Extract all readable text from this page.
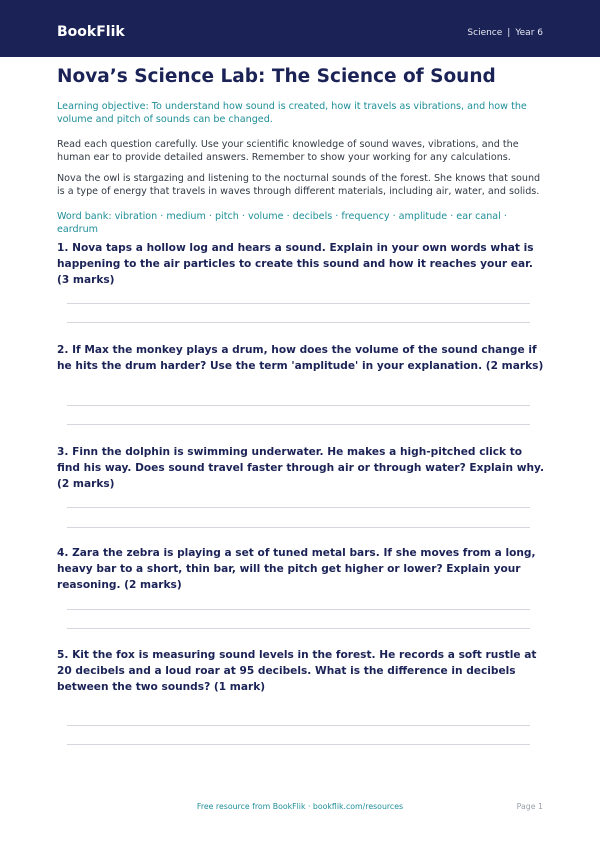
BookFlik	Science | Year 6
Nova’s Science Lab: The Science of Sound
Learning objective: To understand how sound is created, how it travels as vibrations, and how the volume and pitch of sounds can be changed.
Read each question carefully. Use your scientific knowledge of sound waves, vibrations, and the human ear to provide detailed answers. Remember to show your working for any calculations.
Nova the owl is stargazing and listening to the nocturnal sounds of the forest. She knows that sound is a type of energy that travels in waves through different materials, including air, water, and solids.
Word bank: vibration · medium · pitch · volume · decibels · frequency · amplitude · ear canal · eardrum
1. Nova taps a hollow log and hears a sound. Explain in your own words what is happening to the air particles to create this sound and how it reaches your ear. (3 marks)
2. If Max the monkey plays a drum, how does the volume of the sound change if he hits the drum harder? Use the term 'amplitude' in your explanation. (2 marks)
3. Finn the dolphin is swimming underwater. He makes a high-pitched click to find his way. Does sound travel faster through air or through water? Explain why. (2 marks)
4. Zara the zebra is playing a set of tuned metal bars. If she moves from a long, heavy bar to a short, thin bar, will the pitch get higher or lower? Explain your reasoning. (2 marks)
5. Kit the fox is measuring sound levels in the forest. He records a soft rustle at 20 decibels and a loud roar at 95 decibels. What is the difference in decibels between the two sounds? (1 mark)
Free resource from BookFlik · bookflik.com/resources	Page 1
